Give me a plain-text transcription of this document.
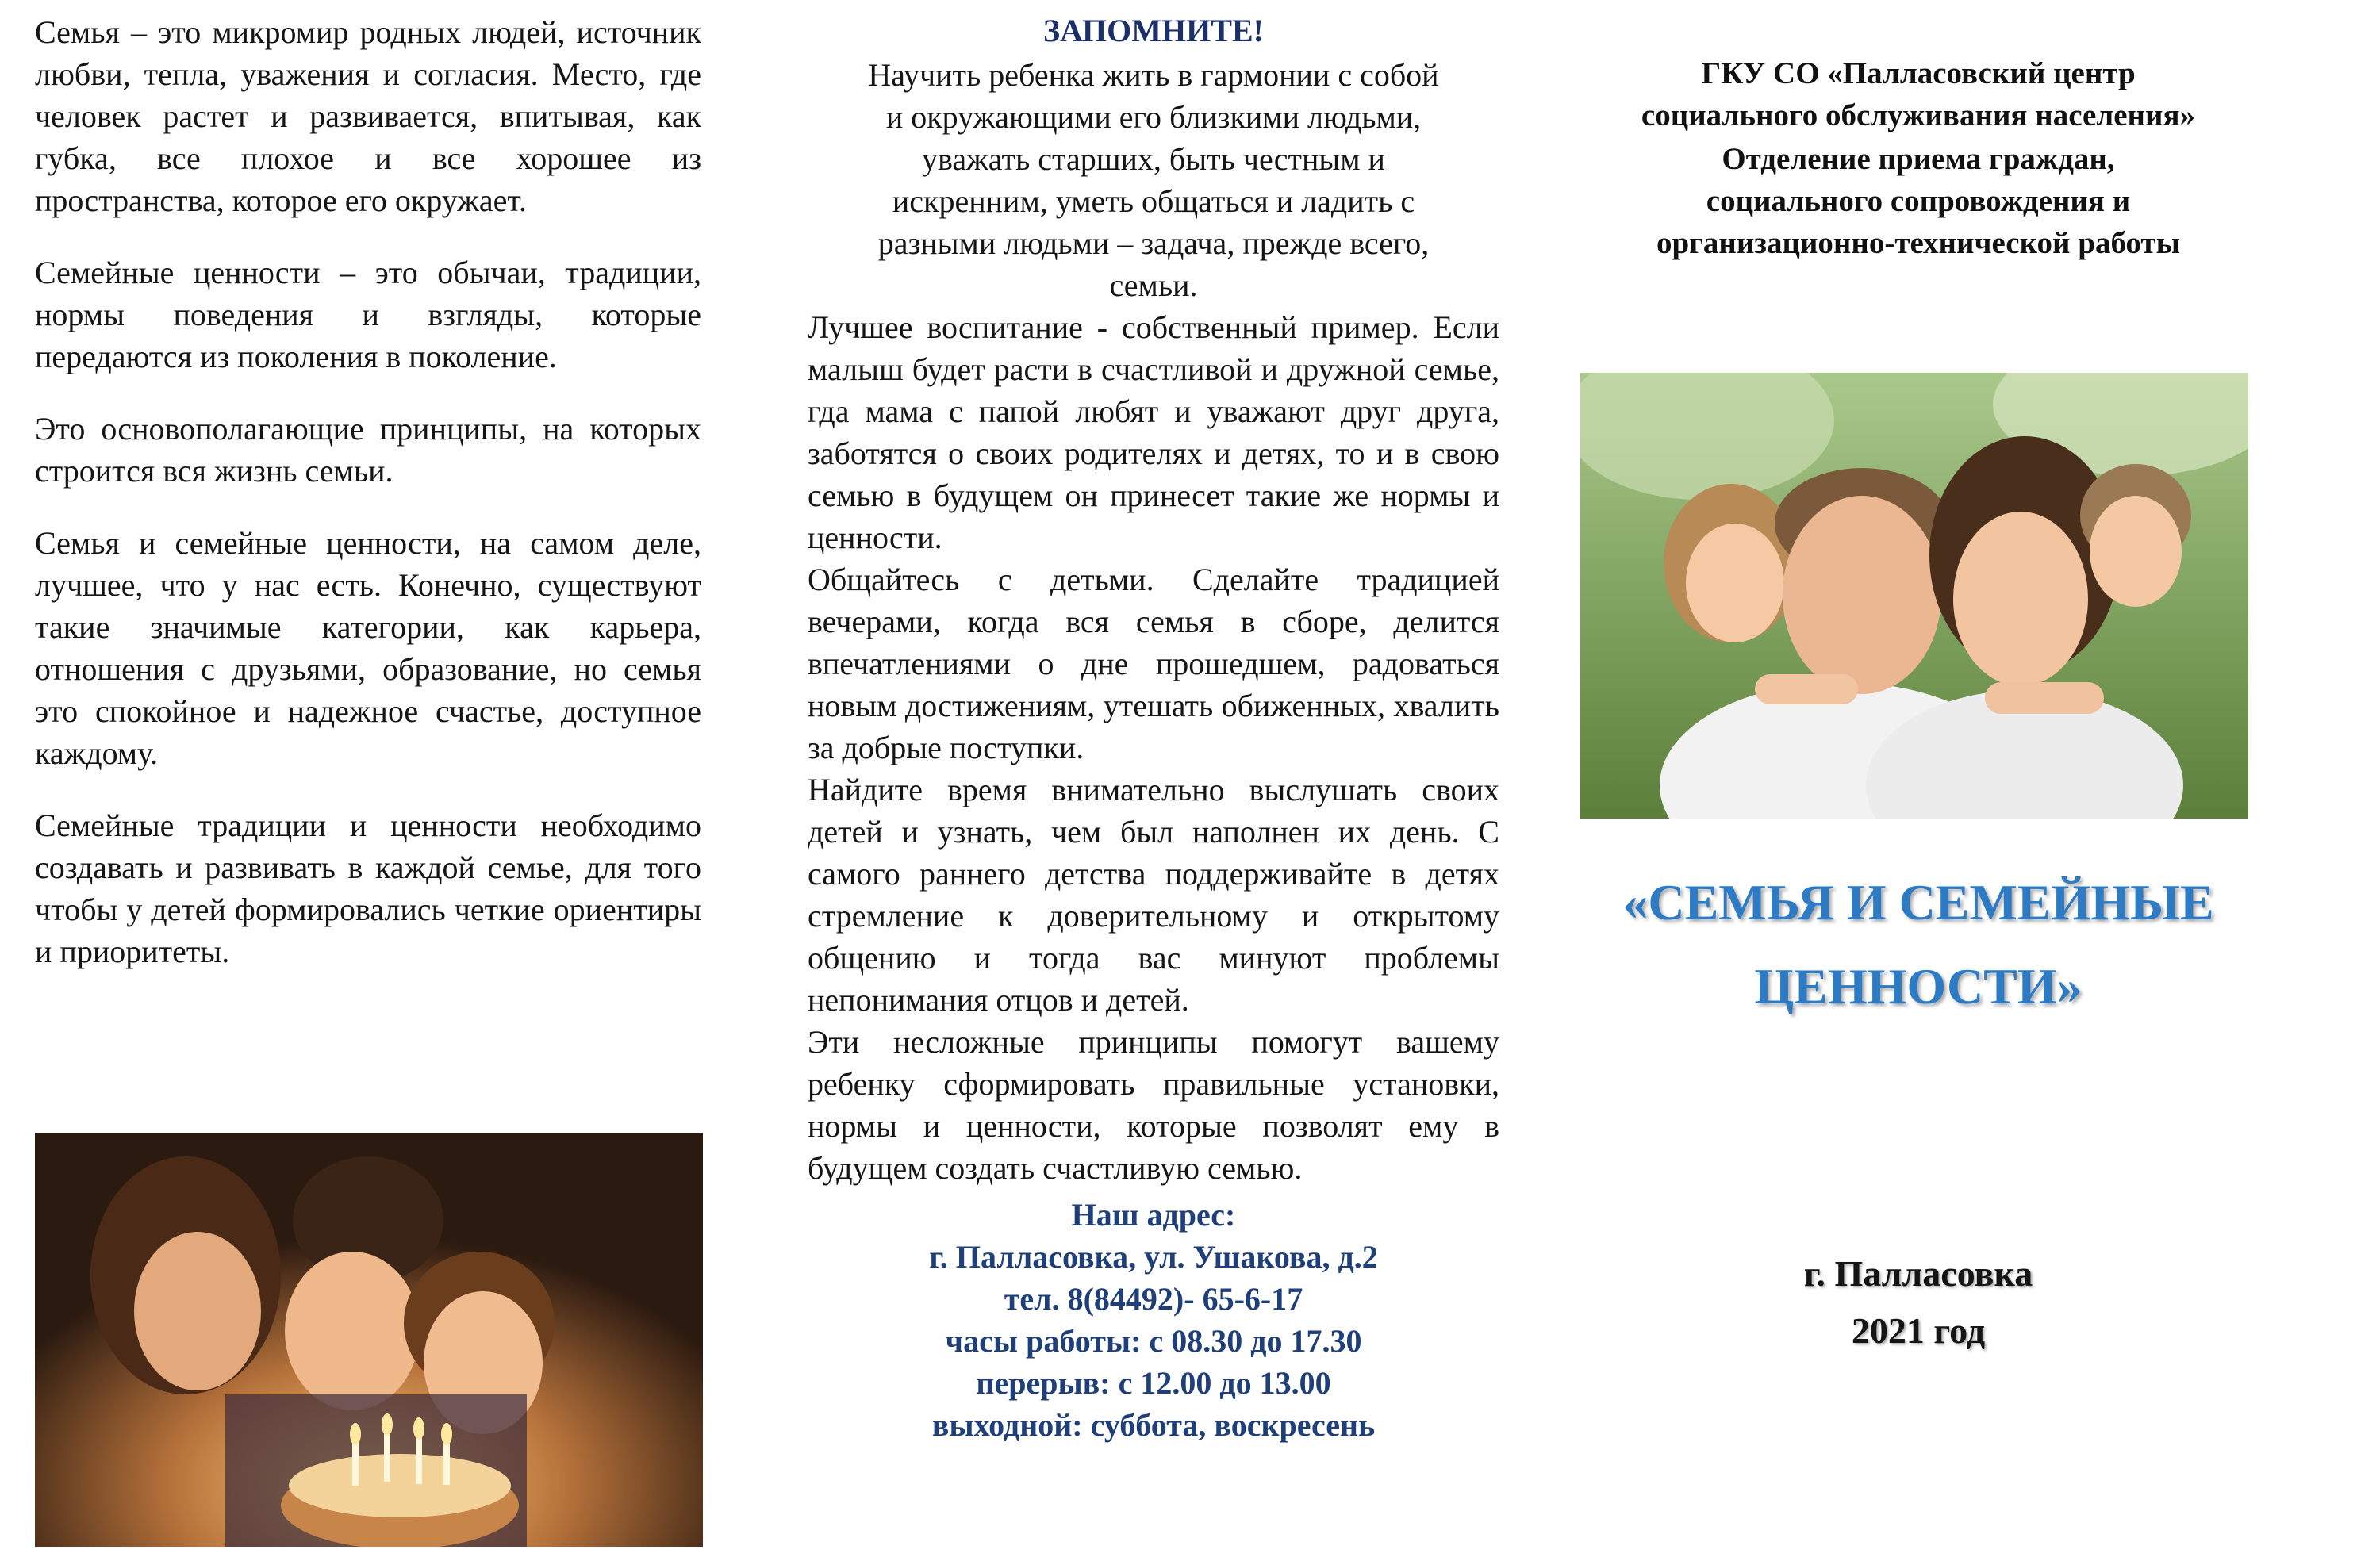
Семья – это микромир родных людей, источник любви, тепла, уважения и согласия. Место, где человек растет и развивается, впитывая, как губка, все плохое и все хорошее из пространства, которое его окружает.

Семейные ценности – это обычаи, традиции, нормы поведения и взгляды, которые передаются из поколения в поколение.

Это основополагающие принципы, на которых строится вся жизнь семьи.

Семья и семейные ценности, на самом деле, лучшее, что у нас есть. Конечно, существуют такие значимые категории, как карьера, отношения с друзьями, образование, но семья это спокойное и надежное счастье, доступное каждому.

Семейные традиции и ценности необходимо создавать и развивать в каждой семье, для того чтобы у детей формировались четкие ориентиры и приоритеты.

ЗАПОМНИТЕ!

Научить ребенка жить в гармонии с собой

и окружающими его близкими людьми,

уважать старших, быть честным и

искренним, уметь общаться и ладить с

разными людьми – задача, прежде всего,

семьи.

Лучшее воспитание - собственный пример. Если малыш будет расти в счастливой и дружной семье, гда мама с папой любят и уважают друг друга, заботятся о своих родителях и детях, то и в свою семью в будущем он принесет такие же нормы и ценности.

Общайтесь с детьми. Сделайте традицией вечерами, когда вся семья в сборе, делится впечатлениями о дне прошедшем, радоваться новым достижениям, утешать обиженных, хвалить за добрые поступки.

Найдите время внимательно выслушать своих детей и узнать, чем был наполнен их день. С самого раннего детства поддерживайте в детях стремление к доверительному и открытому общению и тогда вас минуют проблемы непонимания отцов и детей.

Эти несложные принципы помогут вашему ребенку сформировать правильные установки, нормы и ценности, которые позволят ему в будущем создать счастливую семью.

Наш адрес:
г. Палласовка, ул. Ушакова, д.2
тел. 8(84492)- 65-6-17
часы работы: с 08.30 до 17.30
перерыв: с 12.00 до 13.00
выходной: суббота, воскресень
ГКУ СО «Палласовский центр
социального обслуживания населения»
Отделение приема граждан,
социального сопровождения и
организационно-технической работы
«СЕМЬЯ И СЕМЕЙНЫЕ
ЦЕННОСТИ»
г. Палласовка
2021 год
